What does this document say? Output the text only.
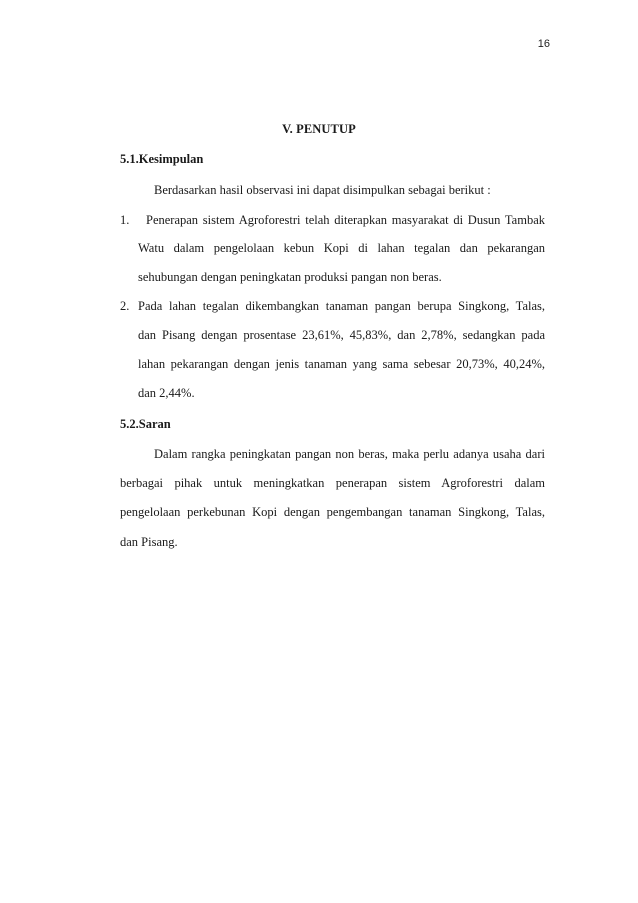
16
V. PENUTUP
5.1.Kesimpulan
Berdasarkan hasil observasi ini dapat disimpulkan sebagai berikut :
1. Penerapan sistem Agroforestri telah diterapkan masyarakat di Dusun Tambak
Watu dalam pengelolaan kebun Kopi di lahan tegalan dan pekarangan
sehubungan dengan peningkatan produksi pangan non beras.
2. Pada lahan tegalan dikembangkan tanaman pangan berupa Singkong, Talas,
dan Pisang dengan prosentase 23,61%, 45,83%, dan 2,78%, sedangkan pada
lahan pekarangan dengan jenis tanaman yang sama sebesar 20,73%, 40,24%,
dan 2,44%.
5.2.Saran
Dalam rangka peningkatan pangan non beras, maka perlu adanya usaha dari
berbagai pihak untuk meningkatkan penerapan sistem Agroforestri dalam
pengelolaan perkebunan Kopi dengan pengembangan tanaman Singkong, Talas,
dan Pisang.
